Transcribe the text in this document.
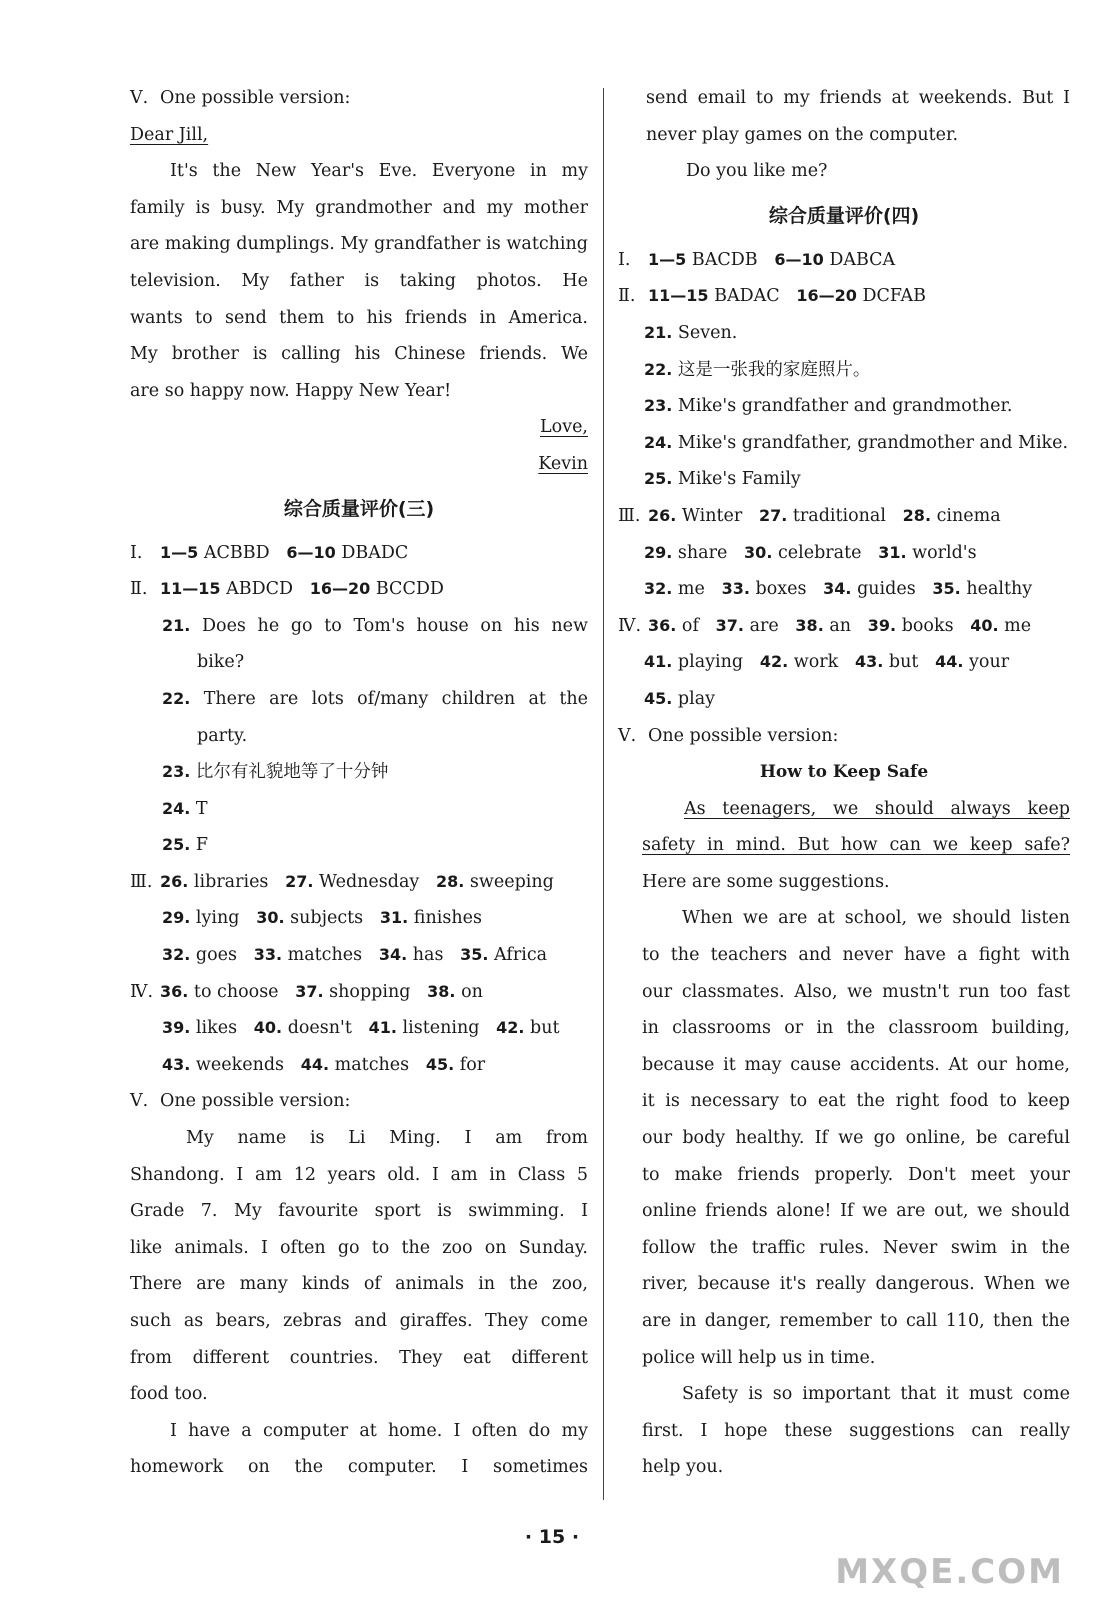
Ⅴ. One possible version:
Dear Jill,
It's the New Year's Eve. Everyone in my
family is busy. My grandmother and my mother
are making dumplings. My grandfather is watching
television. My father is taking photos. He
wants to send them to his friends in America.
My brother is calling his Chinese friends. We
are so happy now. Happy New Year!
Love,
Kevin
综合质量评价(三)
Ⅰ. 1—5 ACBBD 6—10 DBADC
Ⅱ. 11—15 ABDCD 16—20 BCCDD
21. Does he go to Tom's house on his new
bike?
22. There are lots of/many children at the
party.
23. 比尔有礼貌地等了十分钟
24. T
25. F
Ⅲ. 26. libraries 27. Wednesday 28. sweeping
29. lying 30. subjects 31. finishes
32. goes 33. matches 34. has 35. Africa
Ⅳ. 36. to choose 37. shopping 38. on
39. likes 40. doesn't 41. listening 42. but
43. weekends 44. matches 45. for
Ⅴ. One possible version:
My name is Li Ming. I am from
Shandong. I am 12 years old. I am in Class 5
Grade 7. My favourite sport is swimming. I
like animals. I often go to the zoo on Sunday.
There are many kinds of animals in the zoo,
such as bears, zebras and giraffes. They come
from different countries. They eat different
food too.
I have a computer at home. I often do my
homework on the computer. I sometimes
send email to my friends at weekends. But I
never play games on the computer.
Do you like me?
综合质量评价(四)
Ⅰ. 1—5 BACDB 6—10 DABCA
Ⅱ. 11—15 BADAC 16—20 DCFAB
21. Seven.
22. 这是一张我的家庭照片。
23. Mike's grandfather and grandmother.
24. Mike's grandfather, grandmother and Mike.
25. Mike's Family
Ⅲ. 26. Winter 27. traditional 28. cinema
29. share 30. celebrate 31. world's
32. me 33. boxes 34. guides 35. healthy
Ⅳ. 36. of 37. are 38. an 39. books 40. me
41. playing 42. work 43. but 44. your
45. play
Ⅴ. One possible version:
How to Keep Safe
As teenagers, we should always keep
safety in mind. But how can we keep safe?
Here are some suggestions.
When we are at school, we should listen
to the teachers and never have a fight with
our classmates. Also, we mustn't run too fast
in classrooms or in the classroom building,
because it may cause accidents. At our home,
it is necessary to eat the right food to keep
our body healthy. If we go online, be careful
to make friends properly. Don't meet your
online friends alone! If we are out, we should
follow the traffic rules. Never swim in the
river, because it's really dangerous. When we
are in danger, remember to call 110, then the
police will help us in time.
Safety is so important that it must come
first. I hope these suggestions can really
help you.
· 15 ·
MXQE.COM
